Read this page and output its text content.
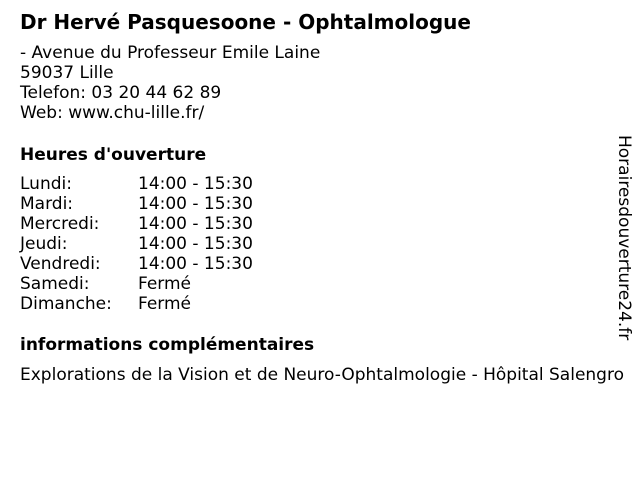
Dr Hervé Pasquesoone - Ophtalmologue
- Avenue du Professeur Emile Laine
59037 Lille
Telefon: 03 20 44 62 89
Web: www.chu-lille.fr/
Heures d'ouverture
Lundi:	14:00 - 15:30
Mardi:	14:00 - 15:30
Mercredi:	14:00 - 15:30
Jeudi:	14:00 - 15:30
Vendredi:	14:00 - 15:30
Samedi:	Fermé
Dimanche:	Fermé
informations complémentaires
Explorations de la Vision et de Neuro-Ophtalmologie - Hôpital Salengro
Horairesdouverture24.fr
